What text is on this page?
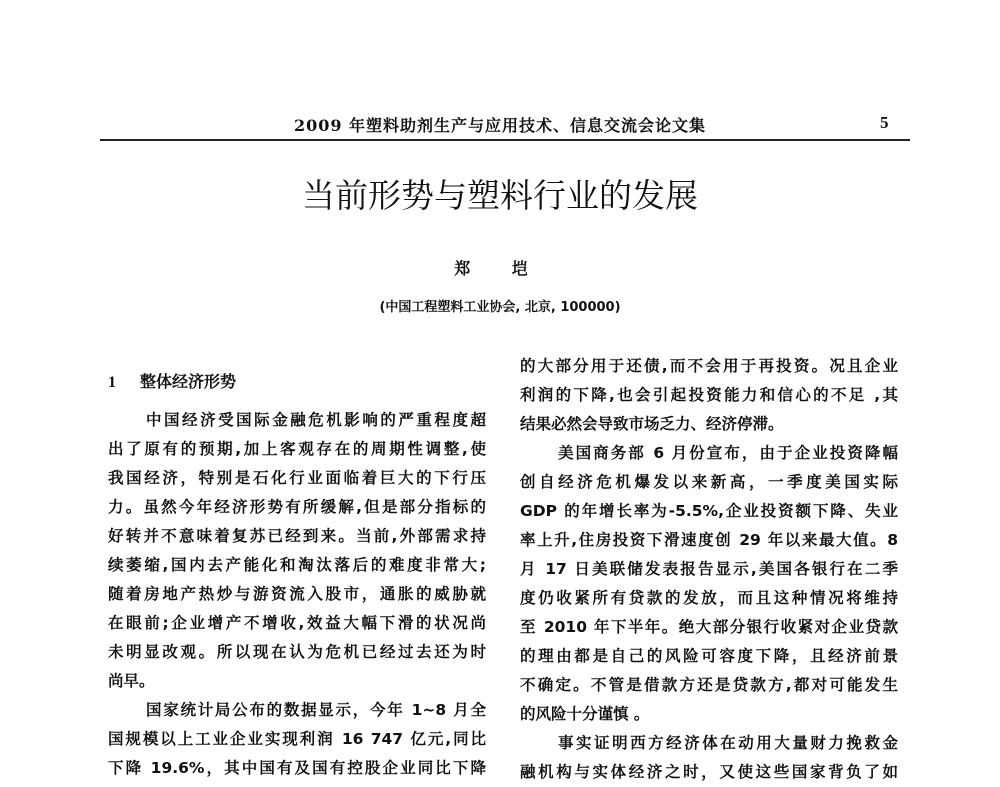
2009 年塑料助剂生产与应用技术、信息交流会论文集	5
当前形势与塑料行业的发展
郑 垲
(中国工程塑料工业协会, 北京, 100000)
1 整体经济形势
中国经济受国际金融危机影响的严重程度超
出了原有的预期,加上客观存在的周期性调整,使
我国经济，特别是石化行业面临着巨大的下行压
力。虽然今年经济形势有所缓解,但是部分指标的
好转并不意味着复苏已经到来。当前,外部需求持
续萎缩,国内去产能化和淘汰落后的难度非常大;
随着房地产热炒与游资流入股市，通胀的威胁就
在眼前;企业增产不增收,效益大幅下滑的状况尚
未明显改观。所以现在认为危机已经过去还为时
尚早。
国家统计局公布的数据显示，今年 1~8 月全
国规模以上工业企业实现利润 16 747 亿元,同比
下降 19.6%，其中国有及国有控股企业同比下降
的大部分用于还债,而不会用于再投资。况且企业
利润的下降,也会引起投资能力和信心的不足 ,其
结果必然会导致市场乏力、经济停滞。
美国商务部 6 月份宣布，由于企业投资降幅
创自经济危机爆发以来新高，一季度美国实际
GDP 的年增长率为-5.5%,企业投资额下降、失业
率上升,住房投资下滑速度创 29 年以来最大值。8
月 17 日美联储发表报告显示,美国各银行在二季
度仍收紧所有贷款的发放，而且这种情况将维持
至 2010 年下半年。绝大部分银行收紧对企业贷款
的理由都是自己的风险可容度下降，且经济前景
不确定。不管是借款方还是贷款方,都对可能发生
的风险十分谨慎 。
事实证明西方经济体在动用大量财力挽救金
融机构与实体经济之时，又使这些国家背负了如
